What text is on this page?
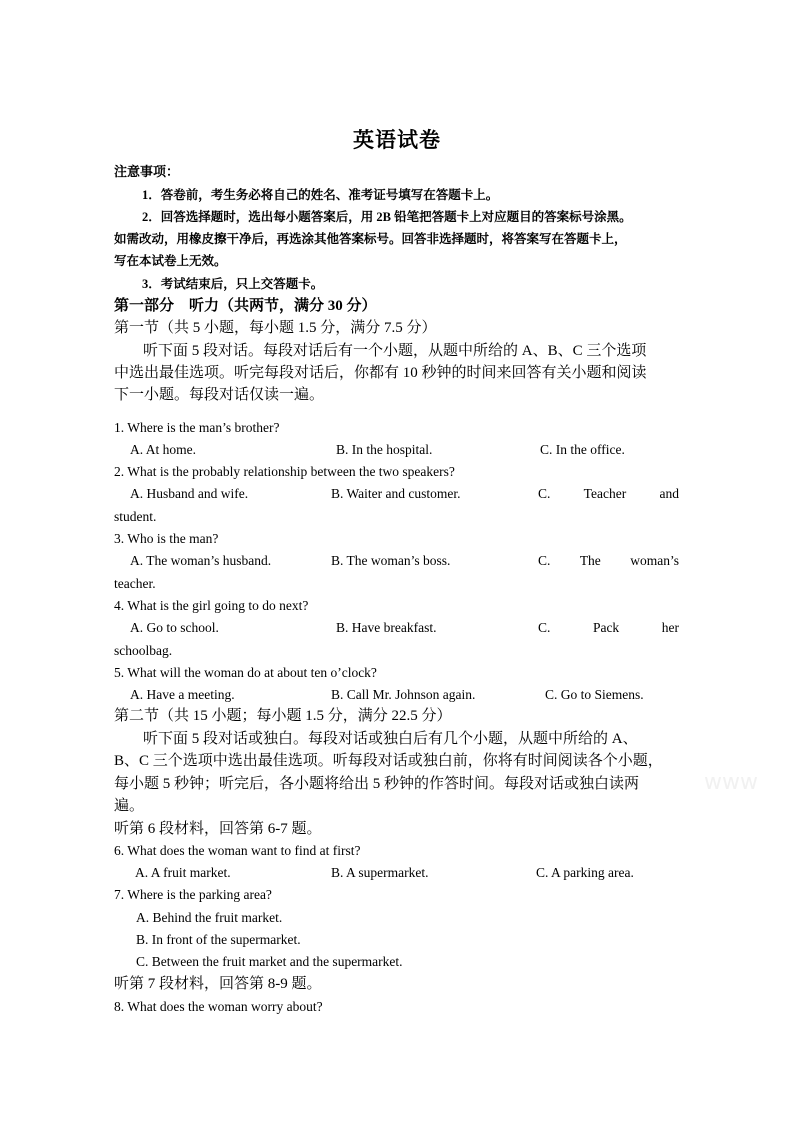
英语试卷
注意事项：
1．答卷前，考生务必将自己的姓名、准考证号填写在答题卡上。
2．回答选择题时，选出每小题答案后，用 2B 铅笔把答题卡上对应题目的答案标号涂黑。
如需改动，用橡皮擦干净后，再选涂其他答案标号。回答非选择题时，将答案写在答题卡上，
写在本试卷上无效。
3．考试结束后，只上交答题卡。
第一部分　听力（共两节，满分 30 分）
第一节（共 5 小题，每小题 1.5 分，满分 7.5 分）
听下面 5 段对话。每段对话后有一个小题，从题中所给的 A、B、C 三个选项
中选出最佳选项。听完每段对话后，你都有 10 秒钟的时间来回答有关小题和阅读
下一小题。每段对话仅读一遍。
1. Where is the man’s brother?
A. At home.	B. In the hospital.	C. In the office.
2. What is the probably relationship between the two speakers?
A. Husband and wife.	B. Waiter and customer.	C. Teacher and
student.
3. Who is the man?
A. The woman’s husband.	B. The woman’s boss.	C. The woman’s
teacher.
4. What is the girl going to do next?
A. Go to school.	B. Have breakfast.	C.	Pack	her
schoolbag.
5. What will the woman do at about ten o’clock?
A. Have a meeting.	B. Call Mr. Johnson again.	C. Go to Siemens.
第二节（共 15 小题；每小题 1.5 分，满分 22.5 分）
听下面 5 段对话或独白。每段对话或独白后有几个小题，从题中所给的 A、
B、C 三个选项中选出最佳选项。听每段对话或独白前，你将有时间阅读各个小题，
每小题 5 秒钟；听完后，各小题将给出 5 秒钟的作答时间。每段对话或独白读两
遍。
听第 6 段材料，回答第 6-7 题。
6. What does the woman want to find at first?
A. A fruit market.	B. A supermarket.	C. A parking area.
7. Where is the parking area?
A. Behind the fruit market.
B. In front of the supermarket.
C. Between the fruit market and the supermarket.
听第 7 段材料，回答第 8-9 题。
8. What does the woman worry about?
www
